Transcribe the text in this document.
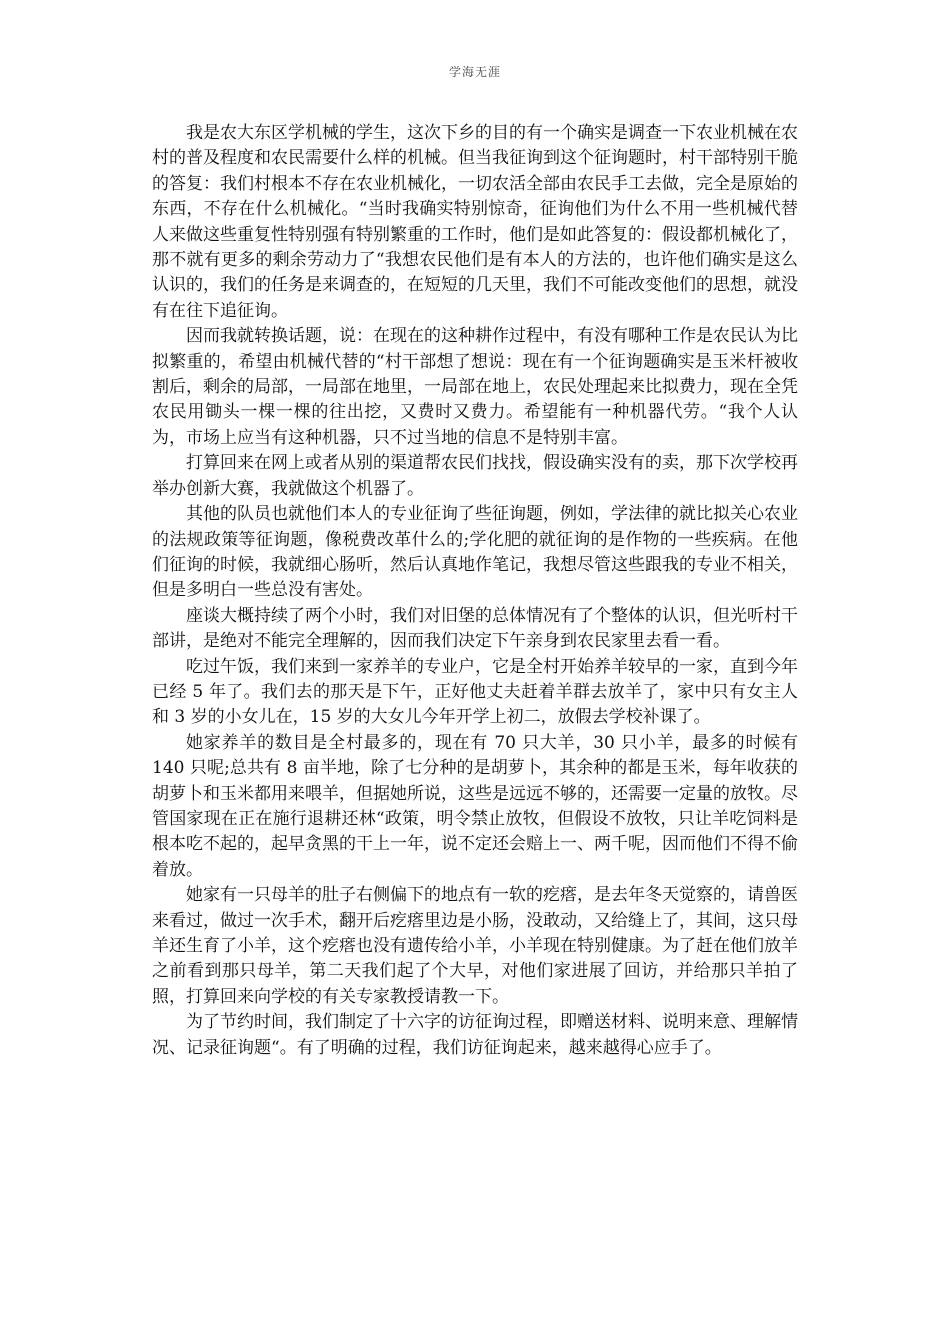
学海无涯

我是农大东区学机械的学生，这次下乡的目的有一个确实是调查一下农业机械在农村的普及程度和农民需要什么样的机械。但当我征询到这个征询题时，村干部特别干脆的答复：我们村根本不存在农业机械化，一切农活全部由农民手工去做，完全是原始的东西，不存在什么机械化。“当时我确实特别惊奇，征询他们为什么不用一些机械代替人来做这些重复性特别强有特别繁重的工作时，他们是如此答复的：假设都机械化了，那不就有更多的剩余劳动力了“我想农民他们是有本人的方法的，也许他们确实是这么认识的，我们的任务是来调查的，在短短的几天里，我们不可能改变他们的思想，就没有在往下追征询。

因而我就转换话题，说：在现在的这种耕作过程中，有没有哪种工作是农民认为比拟繁重的，希望由机械代替的“村干部想了想说：现在有一个征询题确实是玉米杆被收割后，剩余的局部，一局部在地里，一局部在地上，农民处理起来比拟费力，现在全凭农民用锄头一棵一棵的往出挖，又费时又费力。希望能有一种机器代劳。“我个人认为，市场上应当有这种机器，只不过当地的信息不是特别丰富。

打算回来在网上或者从别的渠道帮农民们找找，假设确实没有的卖，那下次学校再举办创新大赛，我就做这个机器了。

其他的队员也就他们本人的专业征询了些征询题，例如，学法律的就比拟关心农业的法规政策等征询题，像税费改革什么的;学化肥的就征询的是作物的一些疾病。在他们征询的时候，我就细心肠听，然后认真地作笔记，我想尽管这些跟我的专业不相关，但是多明白一些总没有害处。

座谈大概持续了两个小时，我们对旧堡的总体情况有了个整体的认识，但光听村干部讲，是绝对不能完全理解的，因而我们决定下午亲身到农民家里去看一看。

吃过午饭，我们来到一家养羊的专业户，它是全村开始养羊较早的一家，直到今年已经 5 年了。我们去的那天是下午，正好他丈夫赶着羊群去放羊了，家中只有女主人和 3 岁的小女儿在，15 岁的大女儿今年开学上初二，放假去学校补课了。

她家养羊的数目是全村最多的，现在有 70 只大羊，30 只小羊，最多的时候有 140 只呢;总共有 8 亩半地，除了七分种的是胡萝卜，其余种的都是玉米，每年收获的胡萝卜和玉米都用来喂羊，但据她所说，这些是远远不够的，还需要一定量的放牧。尽管国家现在正在施行退耕还林“政策，明令禁止放牧，但假设不放牧，只让羊吃饲料是根本吃不起的，起早贪黑的干上一年，说不定还会赔上一、两千呢，因而他们不得不偷着放。

她家有一只母羊的肚子右侧偏下的地点有一软的疙瘩，是去年冬天觉察的，请兽医来看过，做过一次手术，翻开后疙瘩里边是小肠，没敢动，又给缝上了，其间，这只母羊还生育了小羊，这个疙瘩也没有遗传给小羊，小羊现在特别健康。为了赶在他们放羊之前看到那只母羊，第二天我们起了个大早，对他们家进展了回访，并给那只羊拍了照，打算回来向学校的有关专家教授请教一下。

为了节约时间，我们制定了十六字的访征询过程，即赠送材料、说明来意、理解情况、记录征询题“。有了明确的过程，我们访征询起来，越来越得心应手了。
